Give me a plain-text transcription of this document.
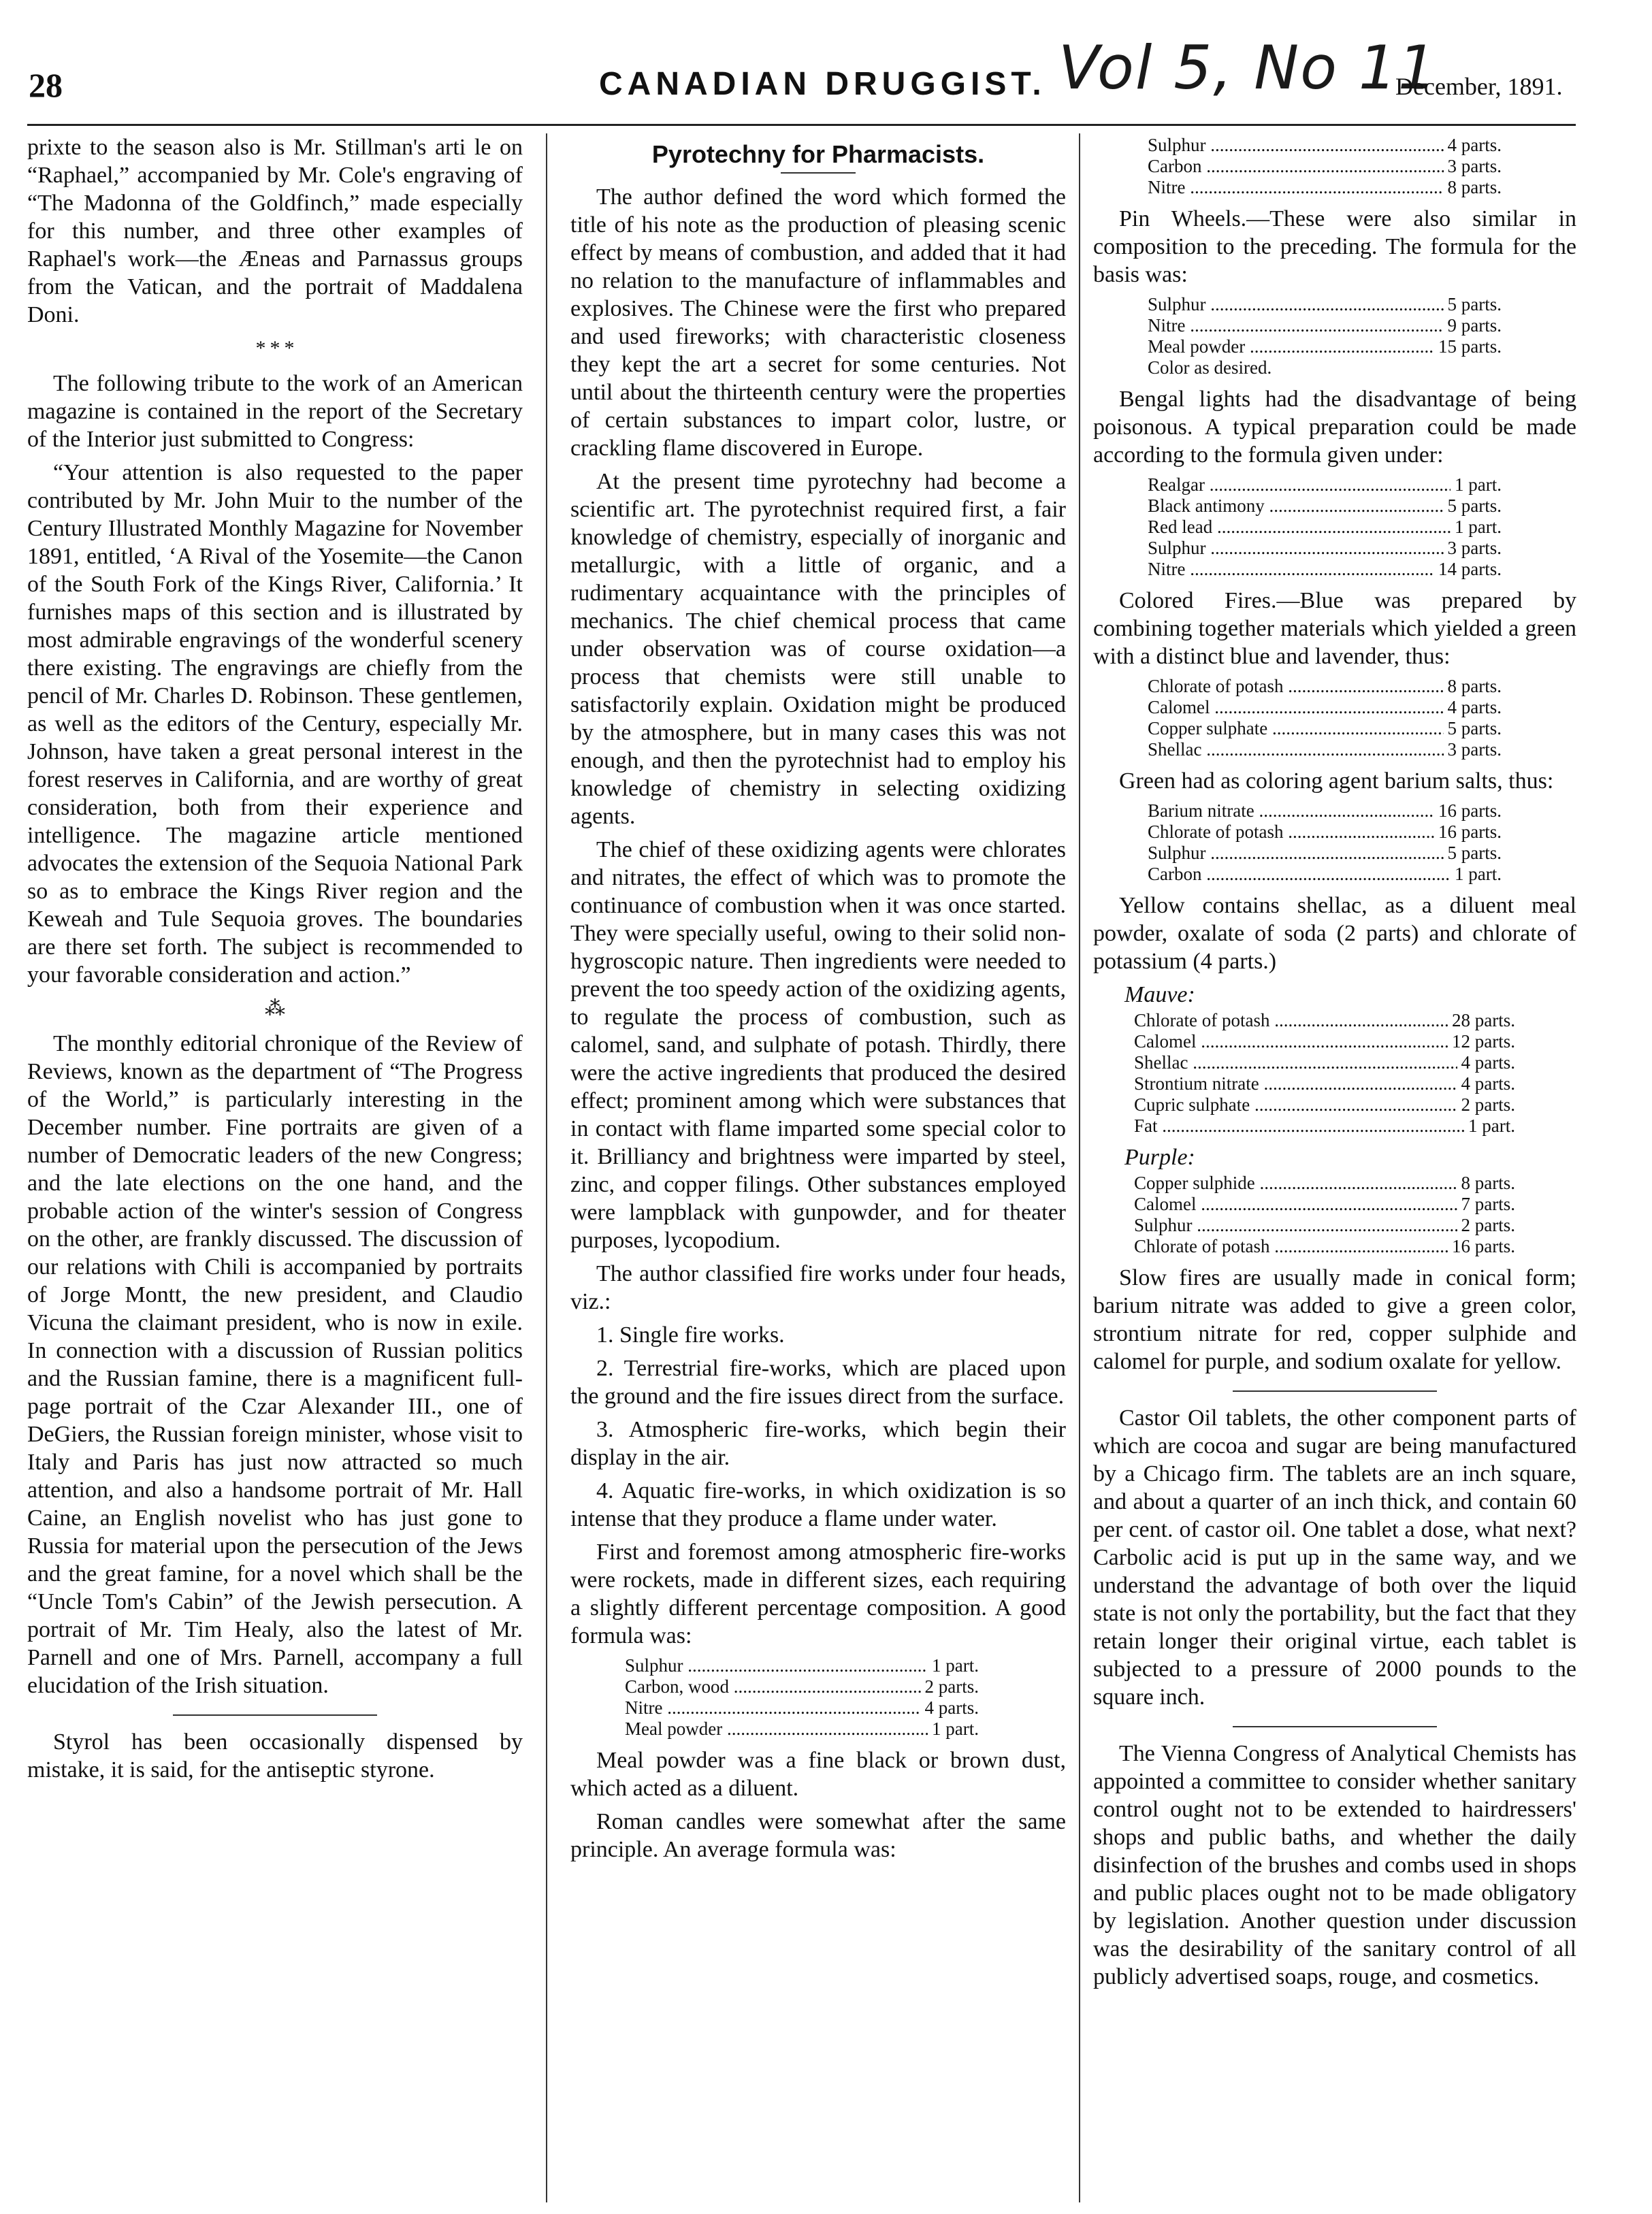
28	CANADIAN DRUGGIST. Vol 5, No 11
December, 1891.

prixte to the season also is Mr. Stillman's arti le on “Raphael,” accompanied by Mr. Cole's engraving of “The Madonna of the Goldfinch,” made especially for this number, and three other examples of Raphael's work—the Æneas and Parnassus groups from the Vatican, and the portrait of Maddalena Doni.

* * *

The following tribute to the work of an American magazine is contained in the report of the Secretary of the Interior just submitted to Congress:

“Your attention is also requested to the paper contributed by Mr. John Muir to the number of the Century Illustrated Monthly Magazine for November 1891, entitled, ‘A Rival of the Yosemite—the Canon of the South Fork of the Kings River, California.’ It furnishes maps of this section and is illustrated by most admirable engravings of the wonderful scenery there existing. The engravings are chiefly from the pencil of Mr. Charles D. Robinson. These gentlemen, as well as the editors of the Century, especially Mr. Johnson, have taken a great personal interest in the forest reserves in California, and are worthy of great consideration, both from their experience and intelligence. The magazine article mentioned advocates the extension of the Sequoia National Park so as to embrace the Kings River region and the Keweah and Tule Sequoia groves. The boundaries are there set forth. The subject is recommended to your favorable consideration and action.”

⁂

The monthly editorial chronique of the Review of Reviews, known as the department of “The Progress of the World,” is particularly interesting in the December number. Fine portraits are given of a number of Democratic leaders of the new Congress; and the late elections on the one hand, and the probable action of the winter's session of Congress on the other, are frankly discussed. The discussion of our relations with Chili is accompanied by portraits of Jorge Montt, the new president, and Claudio Vicuna the claimant president, who is now in exile. In connection with a discussion of Russian politics and the Russian famine, there is a magnificent full-page portrait of the Czar Alexander III., one of DeGiers, the Russian foreign minister, whose visit to Italy and Paris has just now attracted so much attention, and also a handsome portrait of Mr. Hall Caine, an English novelist who has just gone to Russia for material upon the persecution of the Jews and the great famine, for a novel which shall be the “Uncle Tom's Cabin” of the Jewish persecution. A portrait of Mr. Tim Healy, also the latest of Mr. Parnell and one of Mrs. Parnell, accompany a full elucidation of the Irish situation.

Styrol has been occasionally dispensed by mistake, it is said, for the antiseptic styrone.

Pyrotechny for Pharmacists.

The author defined the word which formed the title of his note as the production of pleasing scenic effect by means of combustion, and added that it had no relation to the manufacture of inflammables and explosives. The Chinese were the first who prepared and used fireworks; with characteristic closeness they kept the art a secret for some centuries. Not until about the thirteenth century were the properties of certain substances to impart color, lustre, or crackling flame discovered in Europe.

At the present time pyrotechny had become a scientific art. The pyrotechnist required first, a fair knowledge of chemistry, especially of inorganic and metallurgic, with a little of organic, and a rudimentary acquaintance with the principles of mechanics. The chief chemical process that came under observation was of course oxidation—a process that chemists were still unable to satisfactorily explain. Oxidation might be produced by the atmosphere, but in many cases this was not enough, and then the pyrotechnist had to employ his knowledge of chemistry in selecting oxidizing agents.

The chief of these oxidizing agents were chlorates and nitrates, the effect of which was to promote the continuance of combustion when it was once started. They were specially useful, owing to their solid non-hygroscopic nature. Then ingredients were needed to prevent the too speedy action of the oxidizing agents, to regulate the process of combustion, such as calomel, sand, and sulphate of potash. Thirdly, there were the active ingredients that produced the desired effect; prominent among which were substances that in contact with flame imparted some special color to it. Brilliancy and brightness were imparted by steel, zinc, and copper filings. Other substances employed were lampblack with gunpowder, and for theater purposes, lycopodium.

The author classified fire works under four heads, viz.:

1. Single fire works.

2. Terrestrial fire-works, which are placed upon the ground and the fire issues direct from the surface.

3. Atmospheric fire-works, which begin their display in the air.

4. Aquatic fire-works, in which oxidization is so intense that they produce a flame under water.

First and foremost among atmospheric fire-works were rockets, made in different sizes, each requiring a slightly different percentage composition. A good formula was:

Sulphur .....	1 part.
Carbon, wood .....	2 parts.
Nitre .....	4 parts.
Meal powder .....	1 part.

Meal powder was a fine black or brown dust, which acted as a diluent.

Roman candles were somewhat after the same principle. An average formula was:

Sulphur .....	4 parts.
Carbon .....	3 parts.
Nitre .....	8 parts.

Pin Wheels.—These were also similar in composition to the preceding. The formula for the basis was:

Sulphur .....	5 parts.
Nitre .....	9 parts.
Meal powder .....	15 parts.
Color as desired.

Bengal lights had the disadvantage of being poisonous. A typical preparation could be made according to the formula given under:

Realgar .....	1 part.
Black antimony .....	5 parts.
Red lead .....	1 part.
Sulphur .....	3 parts.
Nitre .....	14 parts.

Colored Fires.—Blue was prepared by combining together materials which yielded a green with a distinct blue and lavender, thus:

Chlorate of potash .....	8 parts.
Calomel .....	4 parts.
Copper sulphate .....	5 parts.
Shellac .....	3 parts.

Green had as coloring agent barium salts, thus:

Barium nitrate .....	16 parts.
Chlorate of potash .....	16 parts.
Sulphur .....	5 parts.
Carbon .....	1 part.

Yellow contains shellac, as a diluent meal powder, oxalate of soda (2 parts) and chlorate of potassium (4 parts.)

Mauve:
Chlorate of potash .....	28 parts.
Calomel .....	12 parts.
Shellac .....	4 parts.
Strontium nitrate .....	4 parts.
Cupric sulphate .....	2 parts.
Fat .....	1 part.
Purple:
Copper sulphide .....	8 parts.
Calomel .....	7 parts.
Sulphur .....	2 parts.
Chlorate of potash .....	16 parts.

Slow fires are usually made in conical form; barium nitrate was added to give a green color, strontium nitrate for red, copper sulphide and calomel for purple, and sodium oxalate for yellow.

Castor Oil tablets, the other component parts of which are cocoa and sugar are being manufactured by a Chicago firm. The tablets are an inch square, and about a quarter of an inch thick, and contain 60 per cent. of castor oil. One tablet a dose, what next? Carbolic acid is put up in the same way, and we understand the advantage of both over the liquid state is not only the portability, but the fact that they retain longer their original virtue, each tablet is subjected to a pressure of 2000 pounds to the square inch.

The Vienna Congress of Analytical Chemists has appointed a committee to consider whether sanitary control ought not to be extended to hairdressers' shops and public baths, and whether the daily disinfection of the brushes and combs used in shops and public places ought not to be made obligatory by legislation. Another question under discussion was the desirability of the sanitary control of all publicly advertised soaps, rouge, and cosmetics.
